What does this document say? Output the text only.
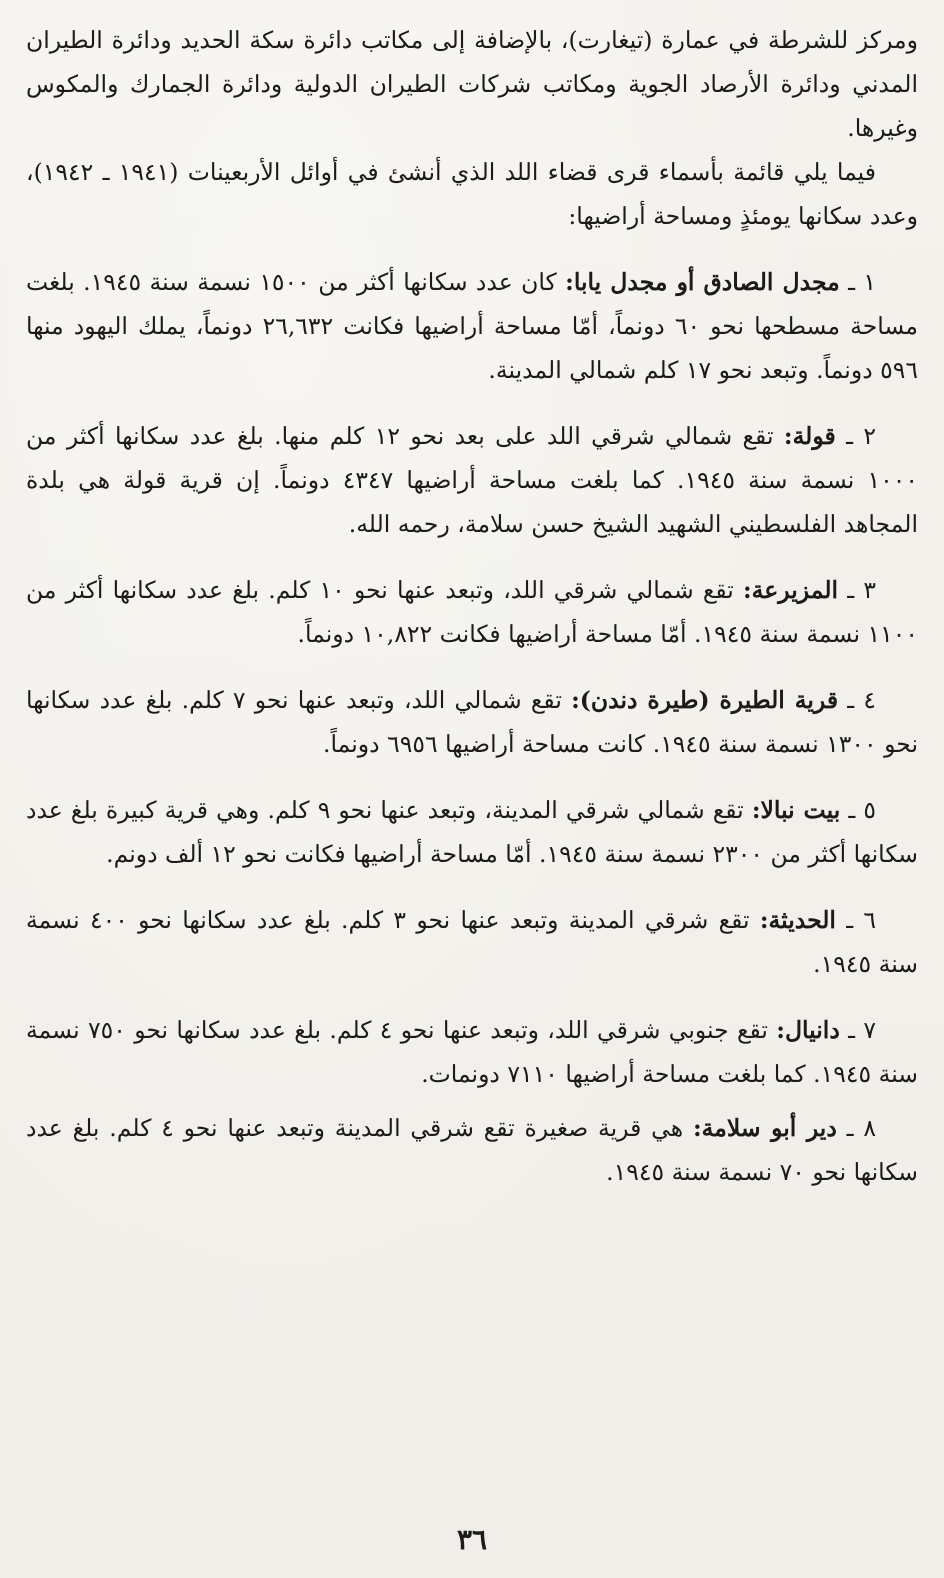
ومركز للشرطة في عمارة (تيغارت)، بالإضافة إلى مكاتب دائرة سكة الحديد ودائرة الطيران المدني ودائرة الأرصاد الجوية ومكاتب شركات الطيران الدولية ودائرة الجمارك والمكوس وغيرها.

فيما يلي قائمة بأسماء قرى قضاء اللد الذي أنشئ في أوائل الأربعينات (١٩٤١ ـ ١٩٤٢)، وعدد سكانها يومئذٍ ومساحة أراضيها:

١ ـ مجدل الصادق أو مجدل يابا: كان عدد سكانها أكثر من ١٥٠٠ نسمة سنة ١٩٤٥. بلغت مساحة مسطحها نحو ٦٠ دونماً، أمّا مساحة أراضيها فكانت ٢٦,٦٣٢ دونماً، يملك اليهود منها ٥٩٦ دونماً. وتبعد نحو ١٧ كلم شمالي المدينة.

٢ ـ قولة: تقع شمالي شرقي اللد على بعد نحو ١٢ كلم منها. بلغ عدد سكانها أكثر من ١٠٠٠ نسمة سنة ١٩٤٥. كما بلغت مساحة أراضيها ٤٣٤٧ دونماً. إن قرية قولة هي بلدة المجاهد الفلسطيني الشهيد الشيخ حسن سلامة، رحمه الله.

٣ ـ المزيرعة: تقع شمالي شرقي اللد، وتبعد عنها نحو ١٠ كلم. بلغ عدد سكانها أكثر من ١١٠٠ نسمة سنة ١٩٤٥. أمّا مساحة أراضيها فكانت ١٠,٨٢٢ دونماً.

٤ ـ قرية الطيرة (طيرة دندن): تقع شمالي اللد، وتبعد عنها نحو ٧ كلم. بلغ عدد سكانها نحو ١٣٠٠ نسمة سنة ١٩٤٥. كانت مساحة أراضيها ٦٩٥٦ دونماً.

٥ ـ بيت نبالا: تقع شمالي شرقي المدينة، وتبعد عنها نحو ٩ كلم. وهي قرية كبيرة بلغ عدد سكانها أكثر من ٢٣٠٠ نسمة سنة ١٩٤٥. أمّا مساحة أراضيها فكانت نحو ١٢ ألف دونم.

٦ ـ الحديثة: تقع شرقي المدينة وتبعد عنها نحو ٣ كلم. بلغ عدد سكانها نحو ٤٠٠ نسمة سنة ١٩٤٥.

٧ ـ دانيال: تقع جنوبي شرقي اللد، وتبعد عنها نحو ٤ كلم. بلغ عدد سكانها نحو ٧٥٠ نسمة سنة ١٩٤٥. كما بلغت مساحة أراضيها ٧١١٠ دونمات.

٨ ـ دير أبو سلامة: هي قرية صغيرة تقع شرقي المدينة وتبعد عنها نحو ٤ كلم. بلغ عدد سكانها نحو ٧٠ نسمة سنة ١٩٤٥.

٣٦
